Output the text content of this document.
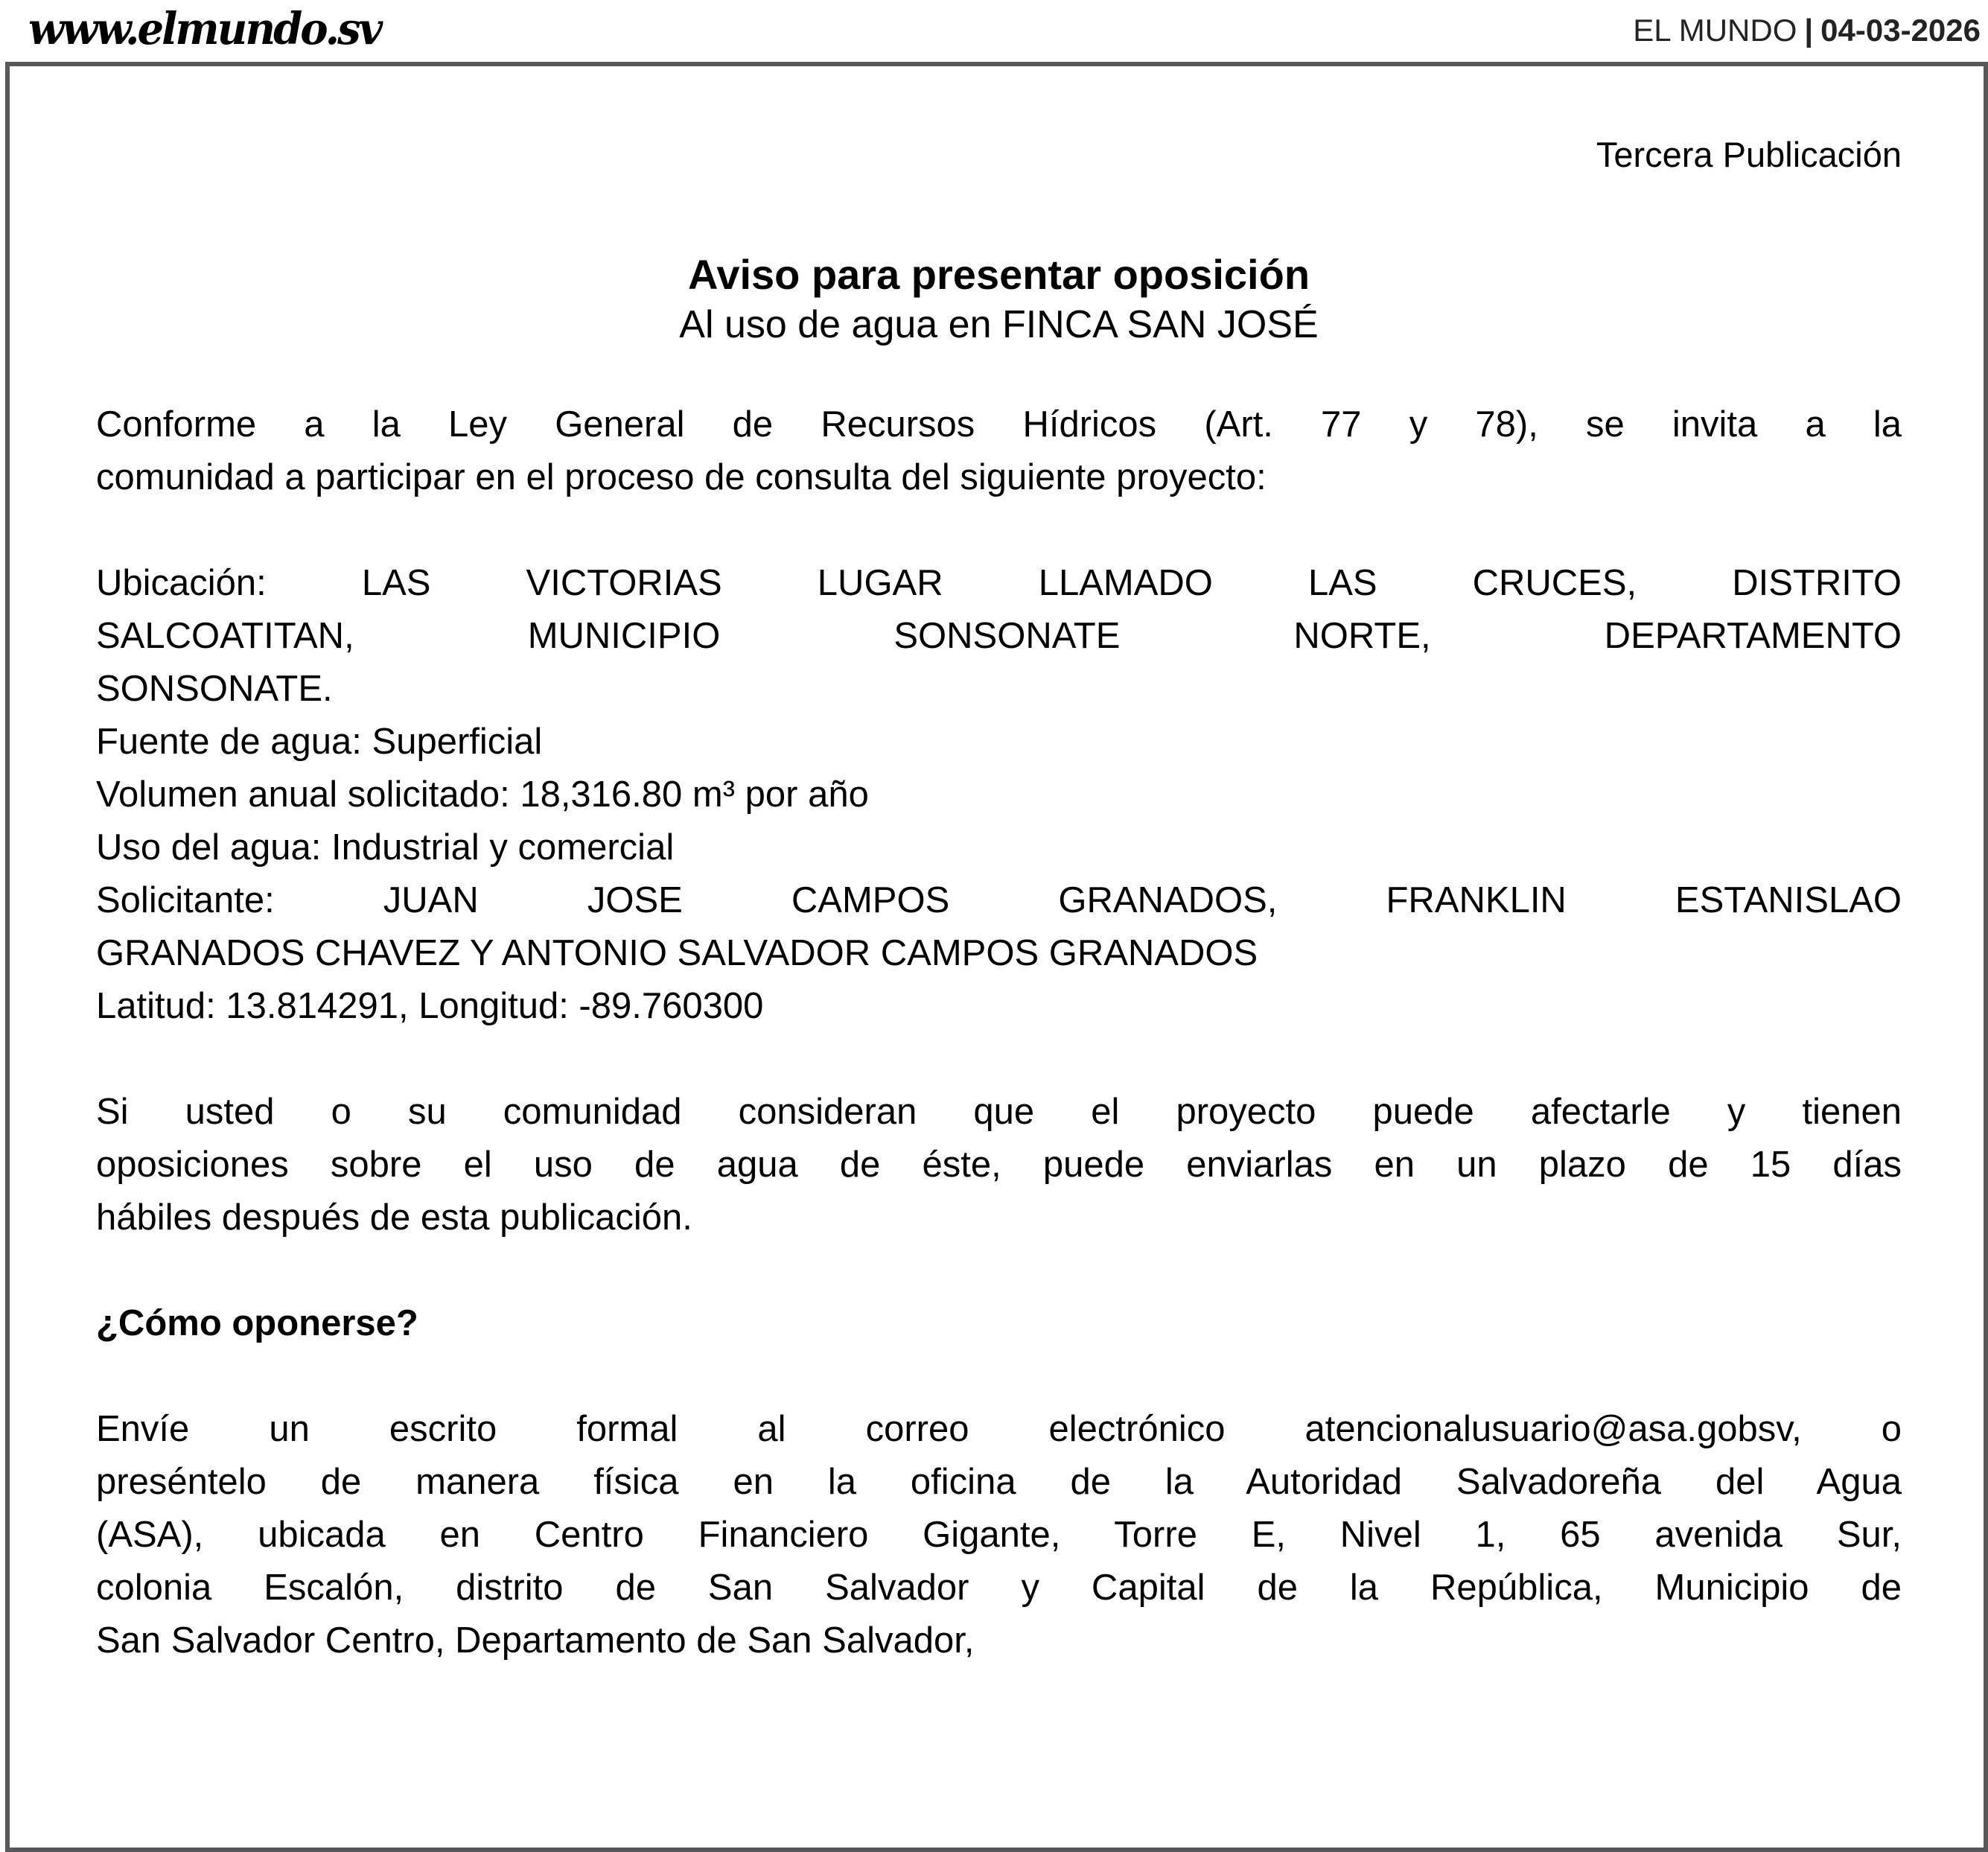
www.elmundo.sv	EL MUNDO | 04-03-2026
Tercera Publicación
Aviso para presentar oposición
Al uso de agua en FINCA SAN JOSÉ
Conforme a la Ley General de Recursos Hídricos (Art. 77 y 78), se invita a la
comunidad a participar en el proceso de consulta del siguiente proyecto:
Ubicación: LAS VICTORIAS LUGAR LLAMADO LAS CRUCES, DISTRITO
SALCOATITAN, MUNICIPIO SONSONATE NORTE, DEPARTAMENTO
SONSONATE.
Fuente de agua: Superficial
Volumen anual solicitado: 18,316.80 m³ por año
Uso del agua: Industrial y comercial
Solicitante: JUAN JOSE CAMPOS GRANADOS, FRANKLIN ESTANISLAO
GRANADOS CHAVEZ Y ANTONIO SALVADOR CAMPOS GRANADOS
Latitud: 13.814291, Longitud: -89.760300
Si usted o su comunidad consideran que el proyecto puede afectarle y tienen
oposiciones sobre el uso de agua de éste, puede enviarlas en un plazo de 15 días
hábiles después de esta publicación.
¿Cómo oponerse?
Envíe un escrito formal al correo electrónico atencionalusuario@asa.gobsv, o
preséntelo de manera física en la oficina de la Autoridad Salvadoreña del Agua
(ASA), ubicada en Centro Financiero Gigante, Torre E, Nivel 1, 65 avenida Sur,
colonia Escalón, distrito de San Salvador y Capital de la República, Municipio de
San Salvador Centro, Departamento de San Salvador,
